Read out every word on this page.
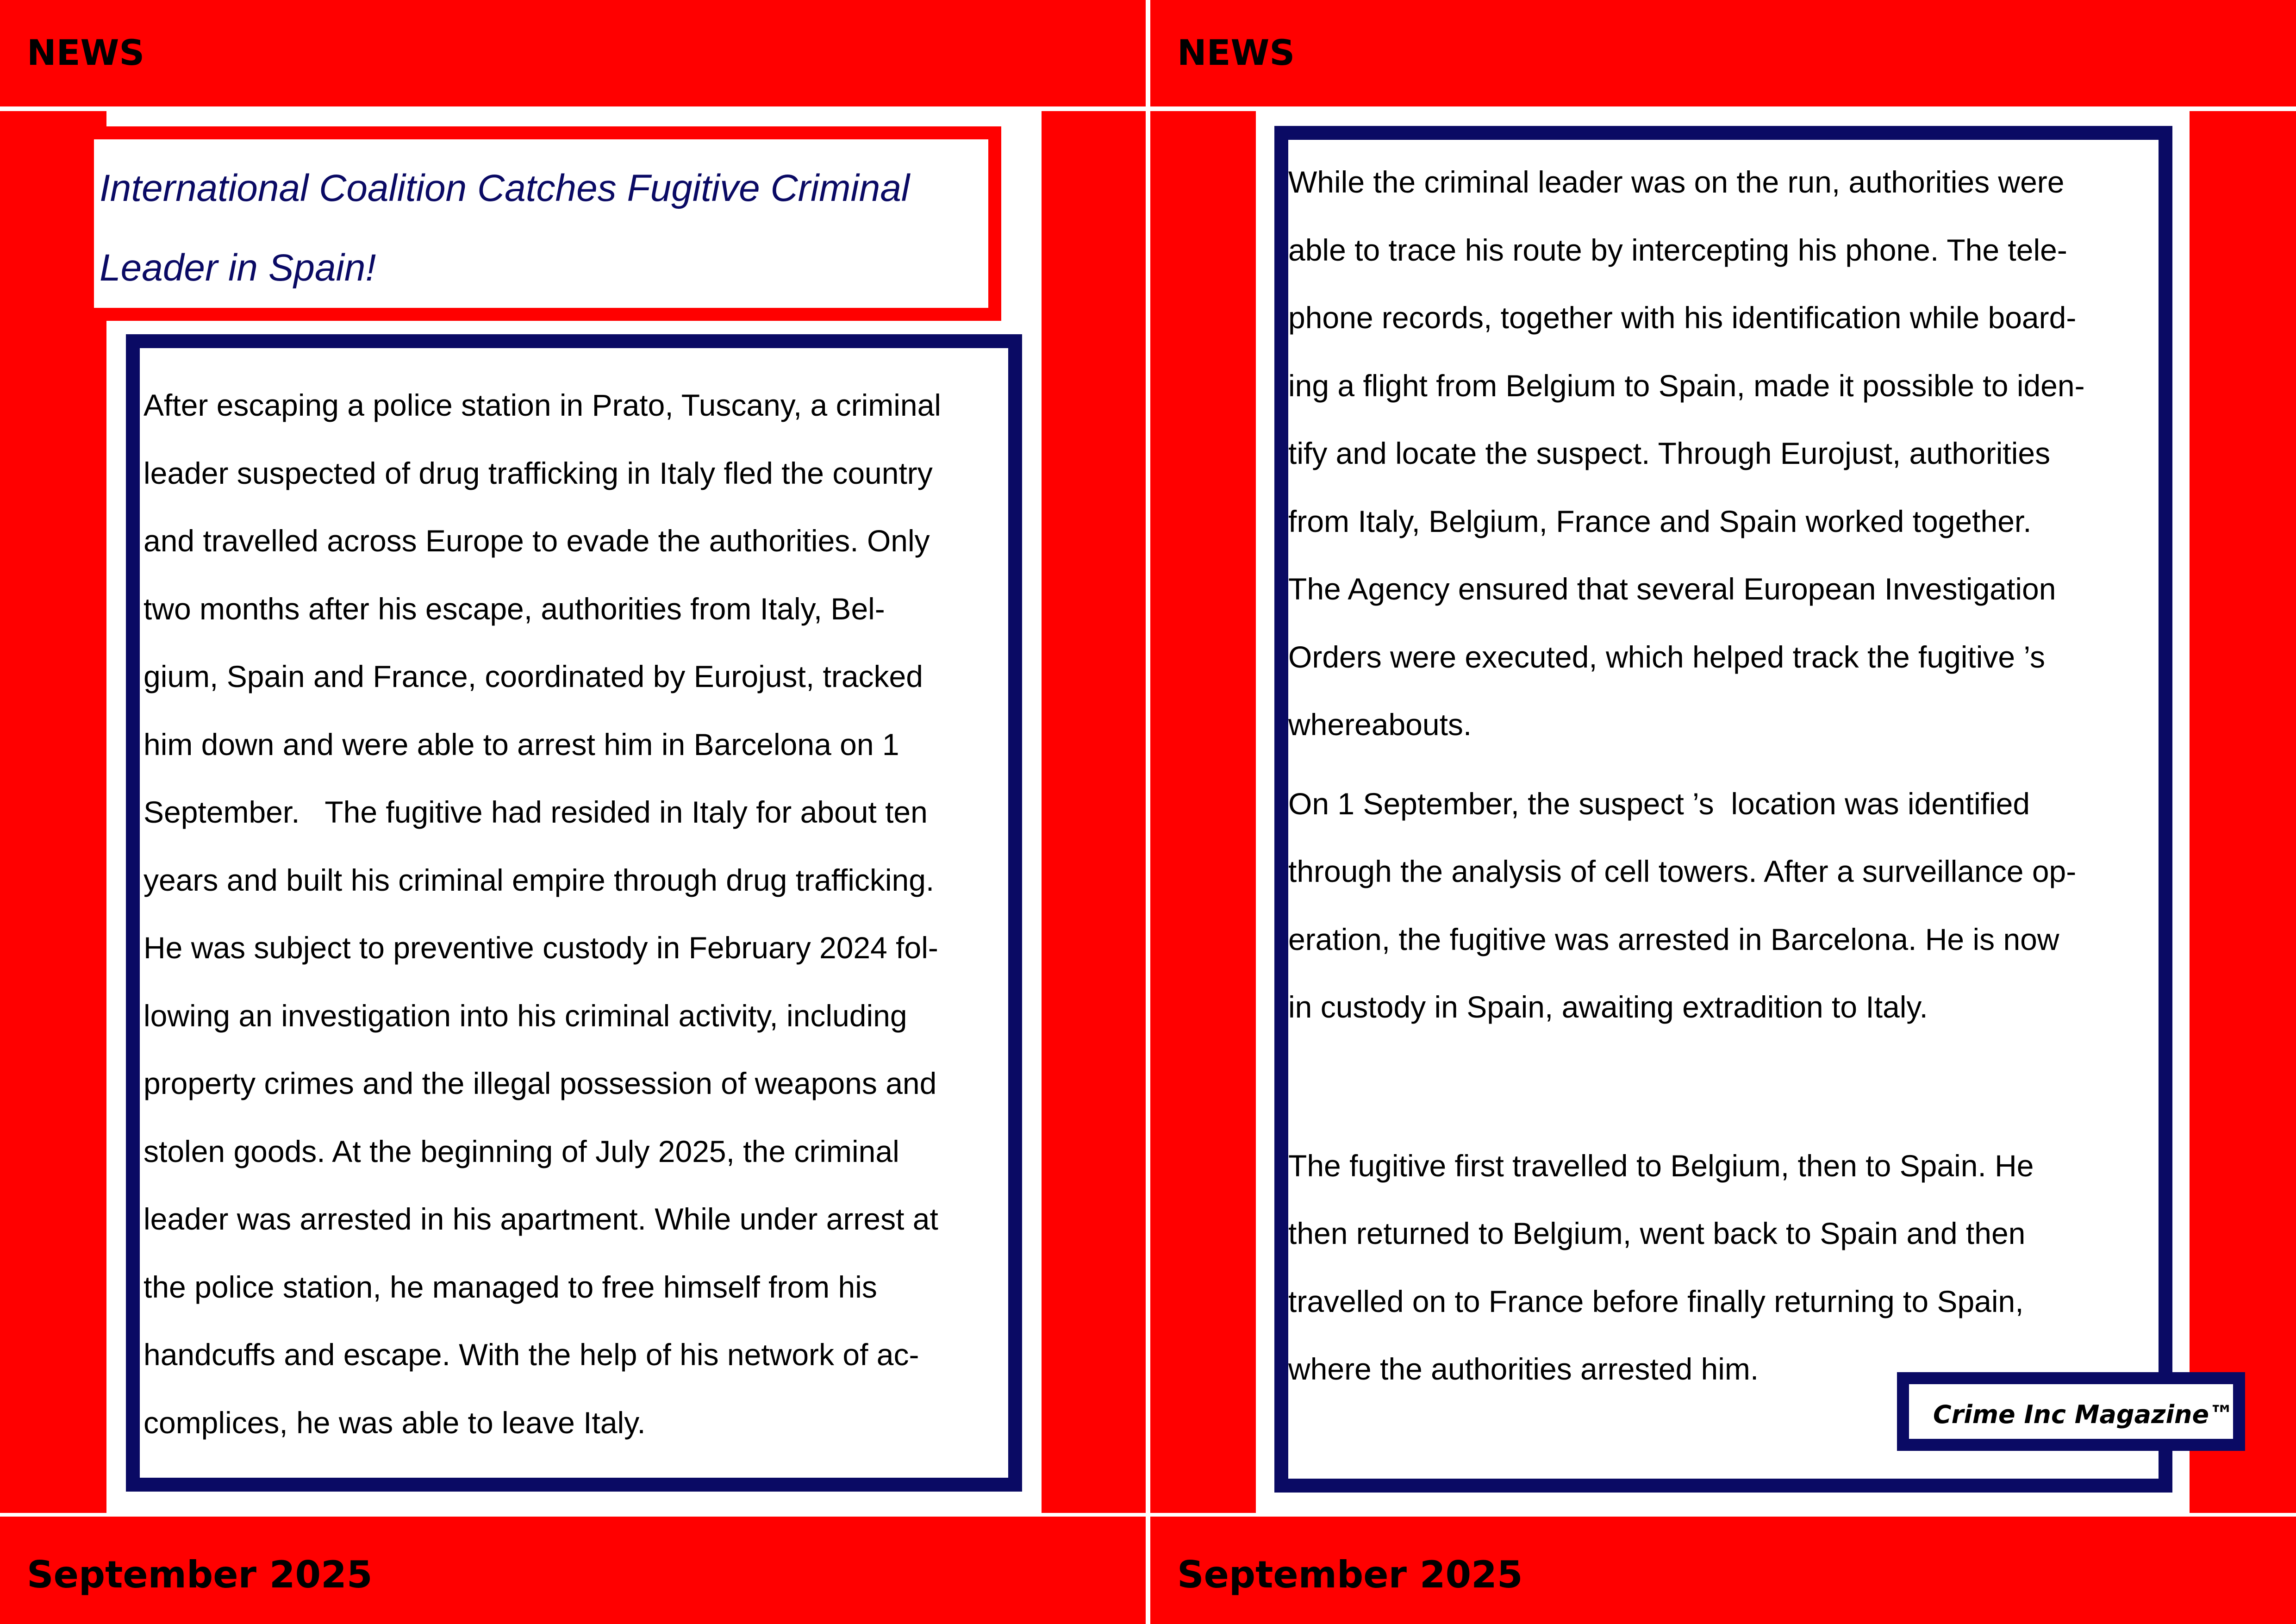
NEWS
International Coalition Catches Fugitive Criminal
Leader in Spain!
After escaping a police station in Prato, Tuscany, a criminal
leader suspected of drug trafficking in Italy fled the country
and travelled across Europe to evade the authorities. Only
two months after his escape, authorities from Italy, Bel-
gium, Spain and France, coordinated by Eurojust, tracked
him down and were able to arrest him in Barcelona on 1
September.   The fugitive had resided in Italy for about ten
years and built his criminal empire through drug trafficking.
He was subject to preventive custody in February 2024 fol-
lowing an investigation into his criminal activity, including
property crimes and the illegal possession of weapons and
stolen goods. At the beginning of July 2025, the criminal
leader was arrested in his apartment. While under arrest at
the police station, he managed to free himself from his
handcuffs and escape. With the help of his network of ac-
complices, he was able to leave Italy.
September 2025
NEWS
While the criminal leader was on the run, authorities were
able to trace his route by intercepting his phone. The tele-
phone records, together with his identification while board-
ing a flight from Belgium to Spain, made it possible to iden-
tify and locate the suspect. Through Eurojust, authorities
from Italy, Belgium, France and Spain worked together.
The Agency ensured that several European Investigation
Orders were executed, which helped track the fugitive ’s
whereabouts.
On 1 September, the suspect ’s  location was identified
through the analysis of cell towers. After a surveillance op-
eration, the fugitive was arrested in Barcelona. He is now
in custody in Spain, awaiting extradition to Italy.
The fugitive first travelled to Belgium, then to Spain. He
then returned to Belgium, went back to Spain and then
travelled on to France before finally returning to Spain,
where the authorities arrested him.
September 2025
Crime Inc Magazine™
